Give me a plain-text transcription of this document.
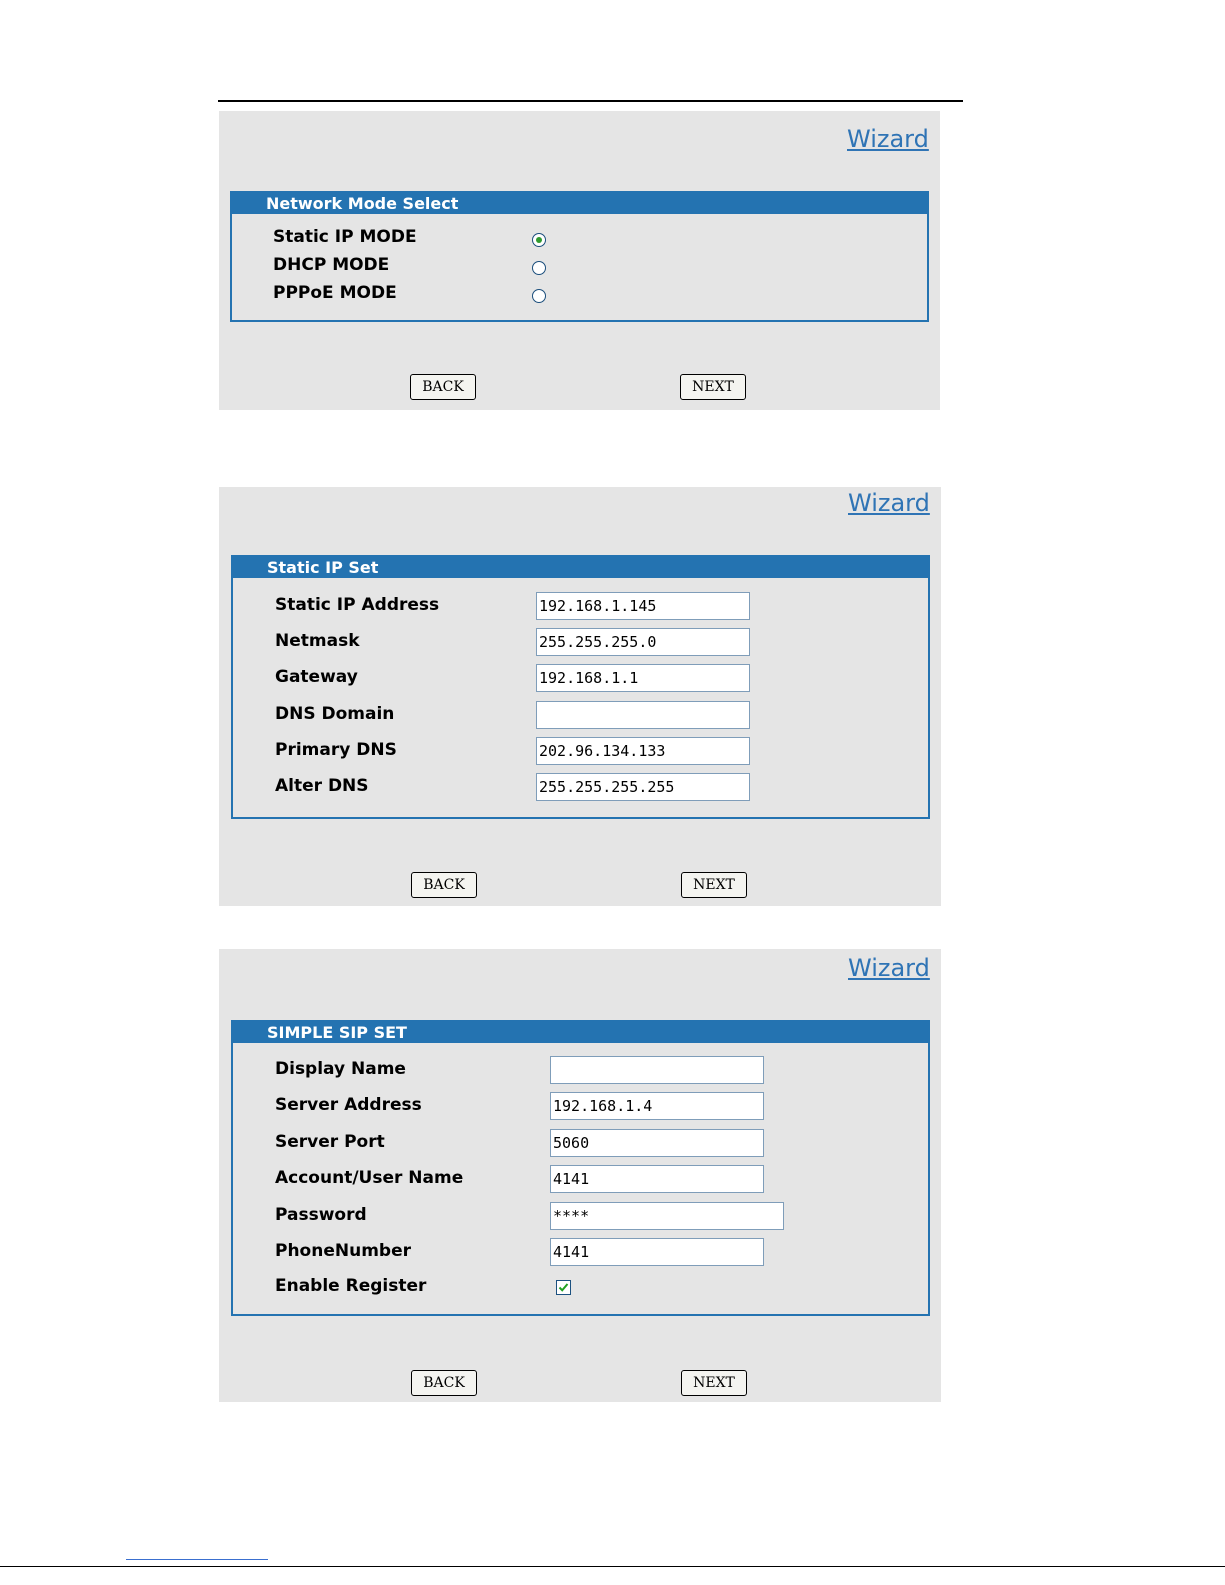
Wizard
Network Mode Select
Static IP MODE
DHCP MODE
PPPoE MODE
BACK	NEXT
Wizard
Static IP Set
Static IP Address	192.168.1.145
Netmask	255.255.255.0
Gateway	192.168.1.1
DNS Domain
Primary DNS	202.96.134.133
Alter DNS	255.255.255.255
BACK	NEXT
Wizard
SIMPLE SIP SET
Display Name
Server Address	192.168.1.4
Server Port	5060
Account/User Name	4141
Password	****
PhoneNumber	4141
Enable Register
BACK	NEXT
